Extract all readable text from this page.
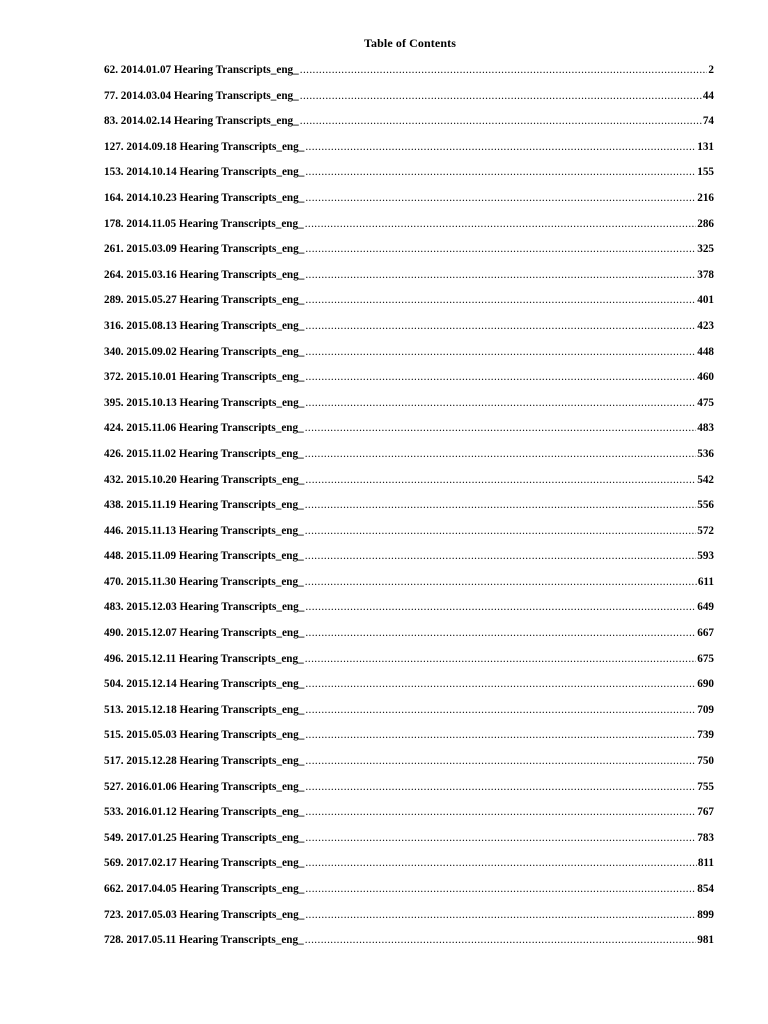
Table of Contents
62. 2014.01.07 Hearing Transcripts_eng_ .....	2
77. 2014.03.04 Hearing Transcripts_eng_ .....	44
83. 2014.02.14 Hearing Transcripts_eng_ .....	74
127. 2014.09.18 Hearing Transcripts_eng_ .....	131
153. 2014.10.14 Hearing Transcripts_eng_ .....	155
164. 2014.10.23 Hearing Transcripts_eng_ .....	216
178. 2014.11.05 Hearing Transcripts_eng_ .....	286
261. 2015.03.09 Hearing Transcripts_eng_ .....	325
264. 2015.03.16 Hearing Transcripts_eng_ .....	378
289. 2015.05.27 Hearing Transcripts_eng_ .....	401
316. 2015.08.13 Hearing Transcripts_eng_ .....	423
340. 2015.09.02 Hearing Transcripts_eng_ .....	448
372. 2015.10.01 Hearing Transcripts_eng_ .....	460
395. 2015.10.13 Hearing Transcripts_eng_ .....	475
424. 2015.11.06 Hearing Transcripts_eng_ .....	483
426. 2015.11.02 Hearing Transcripts_eng_ .....	536
432. 2015.10.20 Hearing Transcripts_eng_ .....	542
438. 2015.11.19 Hearing Transcripts_eng_ .....	556
446. 2015.11.13 Hearing Transcripts_eng_ .....	572
448. 2015.11.09 Hearing Transcripts_eng_ .....	593
470. 2015.11.30 Hearing Transcripts_eng_ .....	611
483. 2015.12.03 Hearing Transcripts_eng_ .....	649
490. 2015.12.07 Hearing Transcripts_eng_ .....	667
496. 2015.12.11 Hearing Transcripts_eng_ .....	675
504. 2015.12.14 Hearing Transcripts_eng_ .....	690
513. 2015.12.18 Hearing Transcripts_eng_ .....	709
515. 2015.05.03 Hearing Transcripts_eng_ .....	739
517. 2015.12.28 Hearing Transcripts_eng_ .....	750
527. 2016.01.06 Hearing Transcripts_eng_ .....	755
533. 2016.01.12 Hearing Transcripts_eng_ .....	767
549. 2017.01.25 Hearing Transcripts_eng_ .....	783
569. 2017.02.17 Hearing Transcripts_eng_ .....	811
662. 2017.04.05 Hearing Transcripts_eng_ .....	854
723. 2017.05.03 Hearing Transcripts_eng_ .....	899
728. 2017.05.11 Hearing Transcripts_eng_ .....	981
